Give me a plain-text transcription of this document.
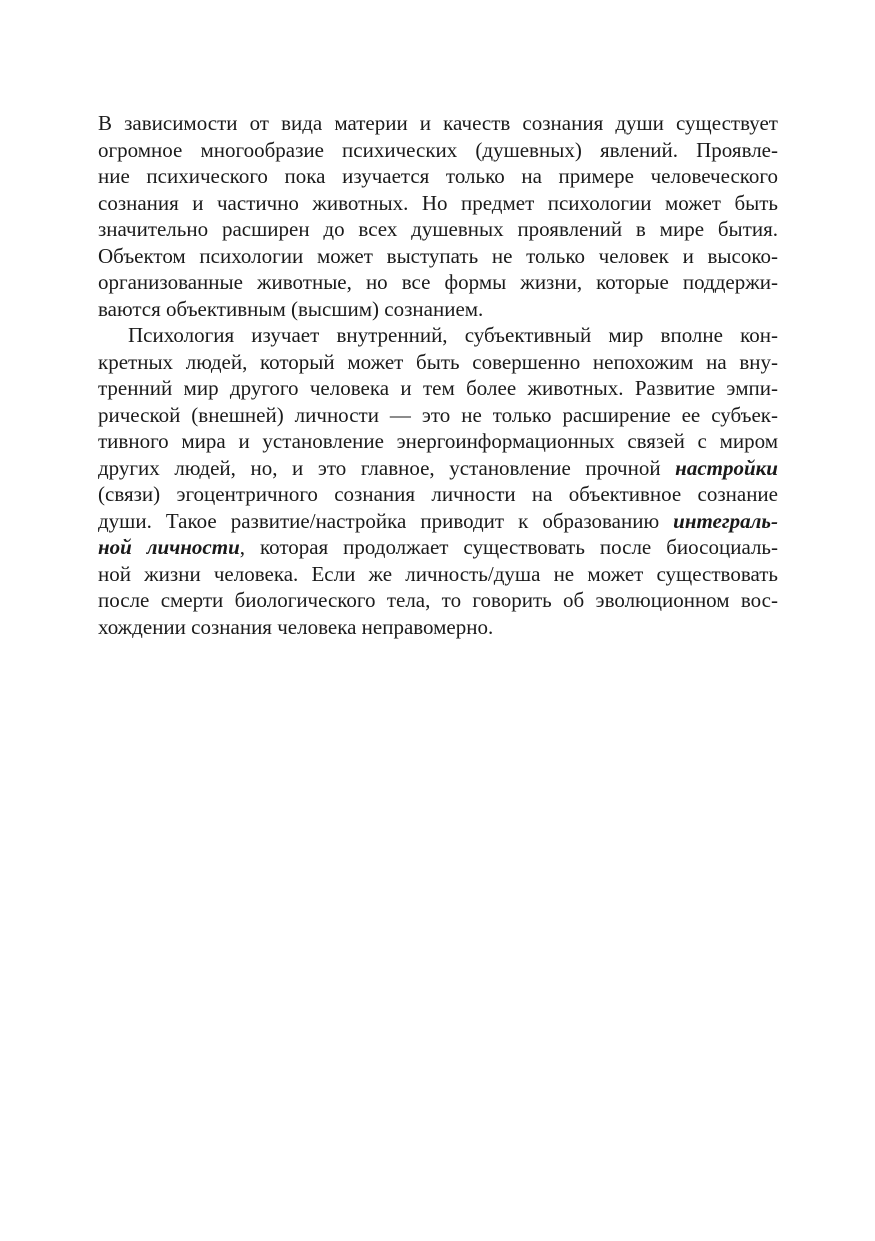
В зависимости от вида материи и качеств сознания души существует
огромное многообразие психических (душевных) явлений. Проявле-
ние психического пока изучается только на примере человеческого
сознания и частично животных. Но предмет психологии может быть
значительно расширен до всех душевных проявлений в мире бытия.
Объектом психологии может выступать не только человек и высоко-
организованные животные, но все формы жизни, которые поддержи-
ваются объективным (высшим) сознанием.
Психология изучает внутренний, субъективный мир вполне кон-
кретных людей, который может быть совершенно непохожим на вну-
тренний мир другого человека и тем более животных. Развитие эмпи-
рической (внешней) личности — это не только расширение ее субъек-
тивного мира и установление энергоинформационных связей с миром
других людей, но, и это главное, установление прочной настройки
(связи) эгоцентричного сознания личности на объективное сознание
души. Такое развитие/настройка приводит к образованию интеграль-
ной личности, которая продолжает существовать после биосоциаль-
ной жизни человека. Если же личность/душа не может существовать
после смерти биологического тела, то говорить об эволюционном вос-
хождении сознания человека неправомерно.
